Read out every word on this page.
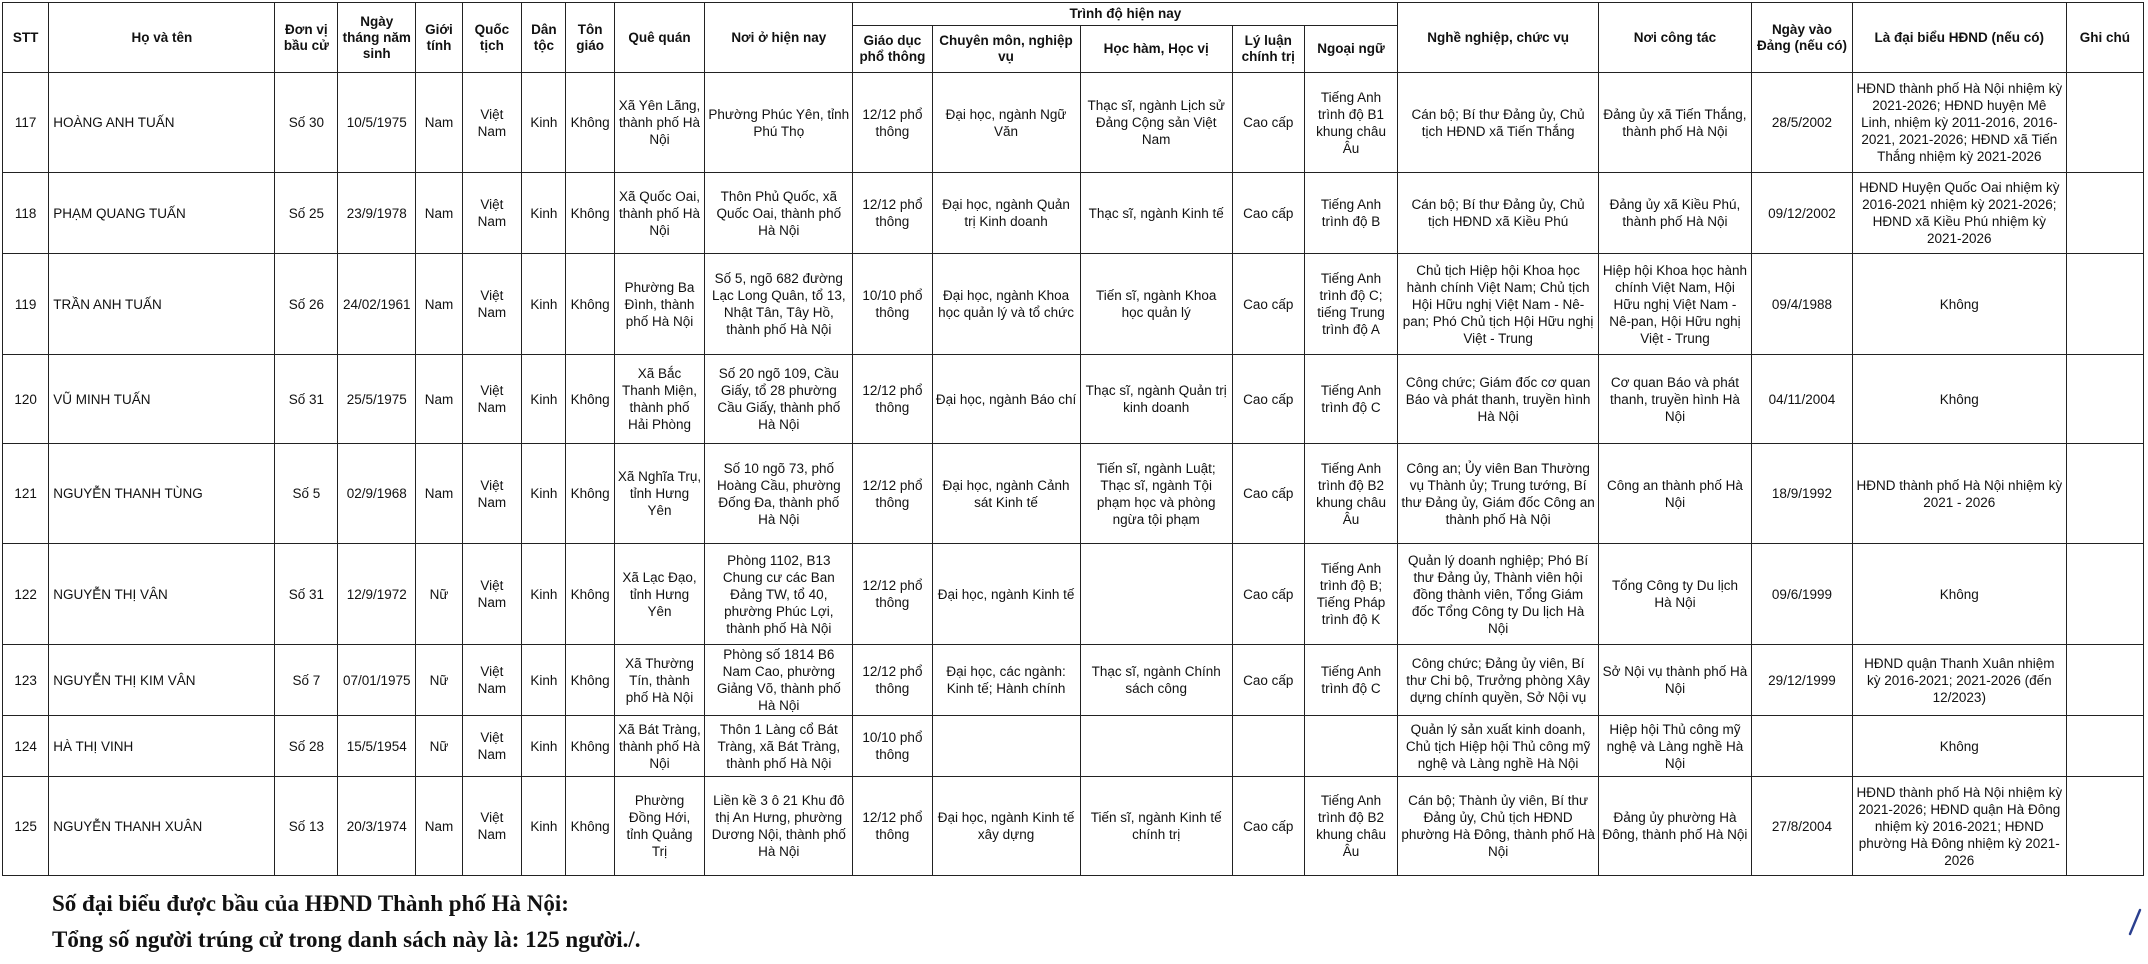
STT	Họ và tên	Đơn vị bầu cử	Ngày tháng năm sinh	Giới tính	Quốc tịch	Dân tộc	Tôn giáo	Quê quán	Nơi ở hiện nay	Trình độ hiện nay					Nghề nghiệp, chức vụ	Nơi công tác	Ngày vào Đảng (nếu có)	Là đại biểu HĐND (nếu có)	Ghi chú
										Giáo dục phổ thông	Chuyên môn, nghiệp vụ	Học hàm, Học vị	Lý luận chính trị	Ngoại ngữ					
117	HOÀNG ANH TUẤN	Số 30	10/5/1975	Nam	Việt Nam	Kinh	Không	Xã Yên Lãng, thành phố Hà Nội	Phường Phúc Yên, tỉnh Phú Thọ	12/12 phổ thông	Đại học, ngành Ngữ Văn	Thạc sĩ, ngành Lịch sử Đảng Cộng sản Việt Nam	Cao cấp	Tiếng Anh trình độ B1 khung châu Âu	Cán bộ; Bí thư Đảng ủy, Chủ tịch HĐND xã Tiến Thắng	Đảng ủy xã Tiến Thắng, thành phố Hà Nội	28/5/2002	HĐND thành phố Hà Nội nhiệm kỳ 2021-2026; HĐND huyện Mê Linh, nhiệm kỳ 2011-2016, 2016-2021, 2021-2026; HĐND xã Tiến Thắng nhiệm kỳ 2021-2026	
118	PHẠM QUANG TUẤN	Số 25	23/9/1978	Nam	Việt Nam	Kinh	Không	Xã Quốc Oai, thành phố Hà Nội	Thôn Phủ Quốc, xã Quốc Oai, thành phố Hà Nội	12/12 phổ thông	Đại học, ngành Quản trị Kinh doanh	Thạc sĩ, ngành Kinh tế	Cao cấp	Tiếng Anh trình độ B	Cán bộ; Bí thư Đảng ủy, Chủ tịch HĐND xã Kiều Phú	Đảng ủy xã Kiều Phú, thành phố Hà Nội	09/12/2002	HĐND Huyện Quốc Oai nhiệm kỳ 2016-2021 nhiệm kỳ 2021-2026; HĐND xã Kiều Phú nhiệm kỳ 2021-2026	
119	TRẦN ANH TUẤN	Số 26	24/02/1961	Nam	Việt Nam	Kinh	Không	Phường Ba Đình, thành phố Hà Nội	Số 5, ngõ 682 đường Lạc Long Quân, tổ 13, Nhật Tân, Tây Hồ, thành phố Hà Nội	10/10 phổ thông	Đại học, ngành Khoa học quản lý và tổ chức	Tiến sĩ, ngành Khoa học quản lý	Cao cấp	Tiếng Anh trình độ C; tiếng Trung trình độ A	Chủ tịch Hiệp hội Khoa học hành chính Việt Nam; Chủ tịch Hội Hữu nghị Việt Nam - Nê-pan; Phó Chủ tịch Hội Hữu nghị Việt - Trung	Hiệp hội Khoa học hành chính Việt Nam, Hội Hữu nghị Việt Nam - Nê-pan, Hội Hữu nghị Việt - Trung	09/4/1988	Không	
120	VŨ MINH TUẤN	Số 31	25/5/1975	Nam	Việt Nam	Kinh	Không	Xã Bắc Thanh Miện, thành phố Hải Phòng	Số 20 ngõ 109, Cầu Giấy, tổ 28 phường Cầu Giấy, thành phố Hà Nội	12/12 phổ thông	Đại học, ngành Báo chí	Thạc sĩ, ngành Quản trị kinh doanh	Cao cấp	Tiếng Anh trình độ C	Công chức; Giám đốc cơ quan Báo và phát thanh, truyền hình Hà Nội	Cơ quan Báo và phát thanh, truyền hình Hà Nội	04/11/2004	Không	
121	NGUYỄN THANH TÙNG	Số 5	02/9/1968	Nam	Việt Nam	Kinh	Không	Xã Nghĩa Trụ, tỉnh Hưng Yên	Số 10 ngõ 73, phố Hoàng Cầu, phường Đống Đa, thành phố Hà Nội	12/12 phổ thông	Đại học, ngành Cảnh sát Kinh tế	Tiến sĩ, ngành Luật; Thạc sĩ, ngành Tội phạm học và phòng ngừa tội phạm	Cao cấp	Tiếng Anh trình độ B2 khung châu Âu	Công an; Ủy viên Ban Thường vụ Thành ủy; Trung tướng, Bí thư Đảng ủy, Giám đốc Công an thành phố Hà Nội	Công an thành phố Hà Nội	18/9/1992	HĐND thành phố Hà Nội nhiệm kỳ 2021 - 2026	
122	NGUYỄN THỊ VÂN	Số 31	12/9/1972	Nữ	Việt Nam	Kinh	Không	Xã Lạc Đạo, tỉnh Hưng Yên	Phòng 1102, B13 Chung cư các Ban Đảng TW, tổ 40, phường Phúc Lợi, thành phố Hà Nội	12/12 phổ thông	Đại học, ngành Kinh tế		Cao cấp	Tiếng Anh trình độ B; Tiếng Pháp trình độ K	Quản lý doanh nghiệp; Phó Bí thư Đảng ủy, Thành viên hội đồng thành viên, Tổng Giám đốc Tổng Công ty Du lịch Hà Nội	Tổng Công ty Du lịch Hà Nội	09/6/1999	Không	
123	NGUYỄN THỊ KIM VÂN	Số 7	07/01/1975	Nữ	Việt Nam	Kinh	Không	Xã Thường Tín, thành phố Hà Nội	Phòng số 1814 B6 Nam Cao, phường Giảng Võ, thành phố Hà Nội	12/12 phổ thông	Đại học, các ngành: Kinh tế; Hành chính	Thạc sĩ, ngành Chính sách công	Cao cấp	Tiếng Anh trình độ C	Công chức; Đảng ủy viên, Bí thư Chi bộ, Trưởng phòng Xây dựng chính quyền, Sở Nội vụ	Sở Nội vụ thành phố Hà Nội	29/12/1999	HĐND quận Thanh Xuân nhiệm kỳ 2016-2021; 2021-2026 (đến 12/2023)	
124	HÀ THỊ VINH	Số 28	15/5/1954	Nữ	Việt Nam	Kinh	Không	Xã Bát Tràng, thành phố Hà Nội	Thôn 1 Làng cổ Bát Tràng, xã Bát Tràng, thành phố Hà Nội	10/10 phổ thông					Quản lý sản xuất kinh doanh, Chủ tịch Hiệp hội Thủ công mỹ nghệ và Làng nghề Hà Nội	Hiệp hội Thủ công mỹ nghệ và Làng nghề Hà Nội		Không	
125	NGUYỄN THANH XUÂN	Số 13	20/3/1974	Nam	Việt Nam	Kinh	Không	Phường Đồng Hới, tỉnh Quảng Trị	Liền kề 3 ô 21 Khu đô thị An Hưng, phường Dương Nội, thành phố Hà Nội	12/12 phổ thông	Đại học, ngành Kinh tế xây dựng	Tiến sĩ, ngành Kinh tế chính trị	Cao cấp	Tiếng Anh trình độ B2 khung châu Âu	Cán bộ; Thành ủy viên, Bí thư Đảng ủy, Chủ tịch HĐND phường Hà Đông, thành phố Hà Nội	Đảng ủy phường Hà Đông, thành phố Hà Nội	27/8/2004	HĐND thành phố Hà Nội nhiệm kỳ 2021-2026; HĐND quận Hà Đông nhiệm kỳ 2016-2021; HĐND phường Hà Đông nhiệm kỳ 2021-2026	
Số đại biểu được bầu của HĐND Thành phố Hà Nội:
Tổng số người trúng cử trong danh sách này là: 125 người./.
